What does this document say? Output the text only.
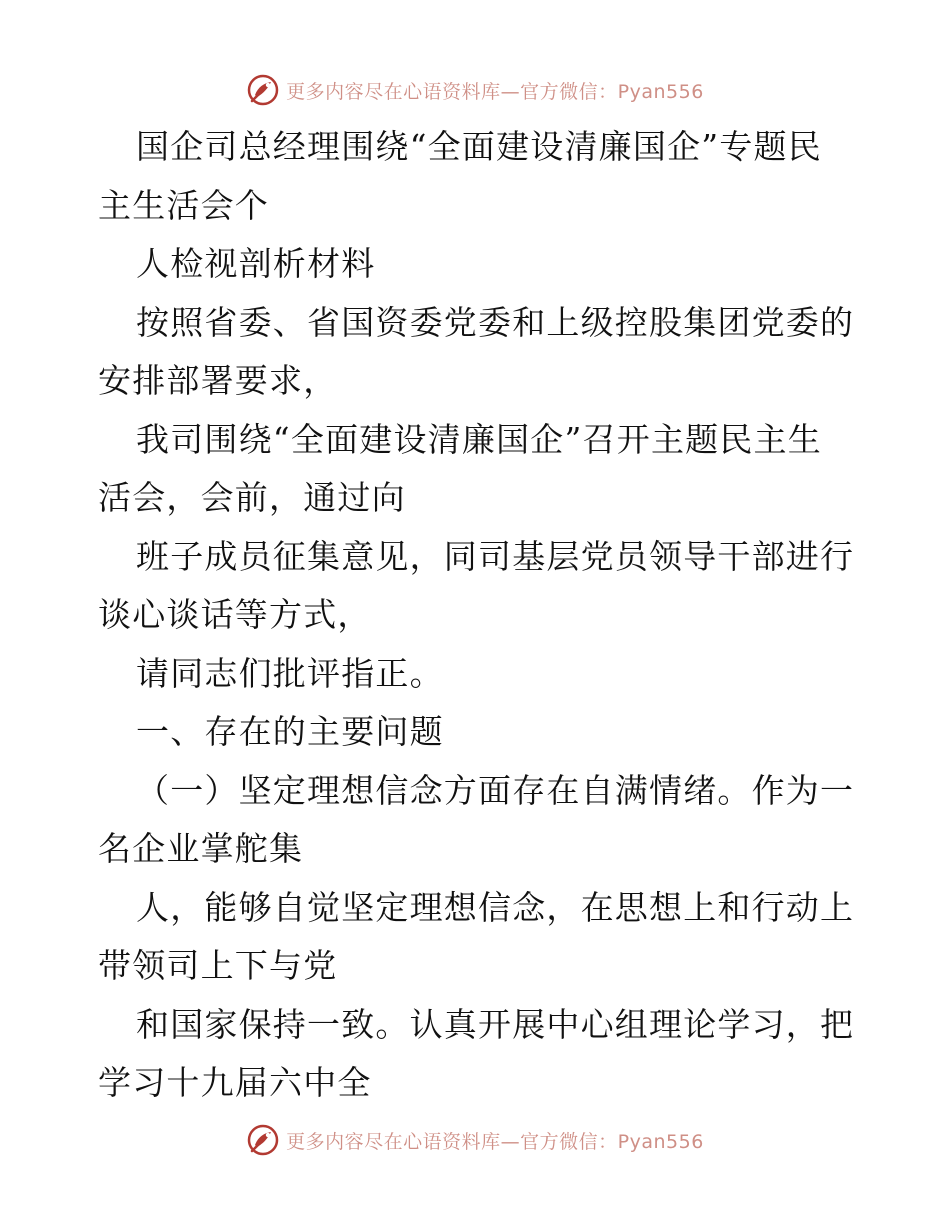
更多内容尽在心语资料库—官方微信：Pyan556
国企司总经理围绕“全面建设清廉国企”专题民
主生活会个
人检视剖析材料
按照省委、省国资委党委和上级控股集团党委的
安排部署要求，
我司围绕“全面建设清廉国企”召开主题民主生
活会，会前，通过向
班子成员征集意见，同司基层党员领导干部进行
谈心谈话等方式，
请同志们批评指正。
一、存在的主要问题
（一）坚定理想信念方面存在自满情绪。作为一
名企业掌舵集
人，能够自觉坚定理想信念，在思想上和行动上
带领司上下与党
和国家保持一致。认真开展中心组理论学习，把
学习十九届六中全
更多内容尽在心语资料库—官方微信：Pyan556
